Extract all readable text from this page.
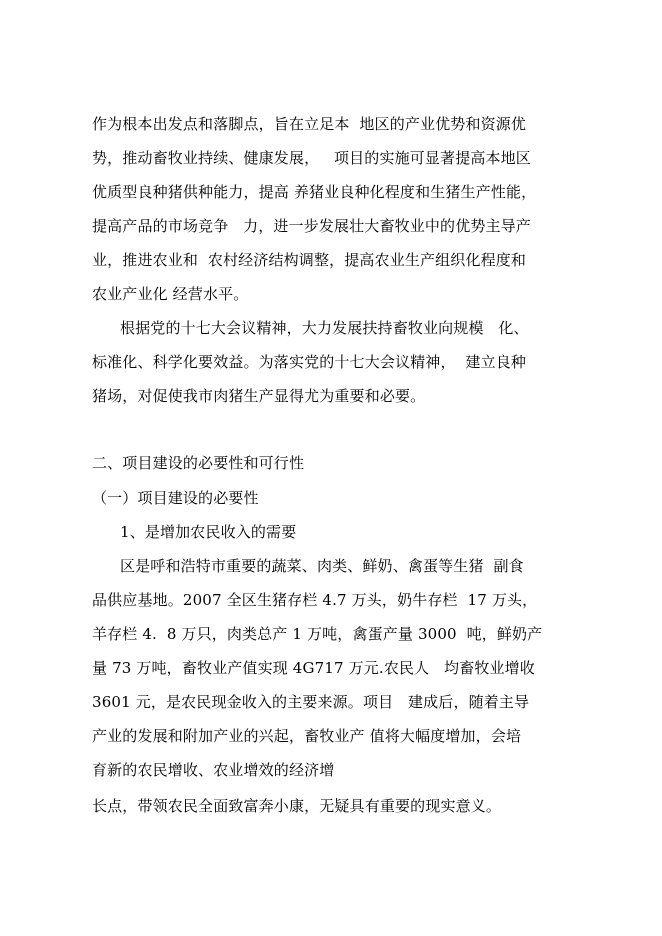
作为根本出发点和落脚点，旨在立足本  地区的产业优势和资源优
势，推动畜牧业持续、健康发展，   项目的实施可显著提高本地区
优质型良种猪供种能力，提高 养猪业良种化程度和生猪生产性能，
提高产品的市场竞争   力，进一步发展壮大畜牧业中的优势主导产
业，推进农业和  农村经济结构调整，提高农业生产组织化程度和
农业产业化 经营水平。
根据党的十七大会议精神，大力发展扶持畜牧业向规模   化、
标准化、科学化要效益。为落实党的十七大会议精神，  建立良种
猪场，对促使我市肉猪生产显得尤为重要和必要。
二、项目建设的必要性和可行性
（一）项目建设的必要性
1、是增加农民收入的需要
区是呼和浩特市重要的蔬菜、肉类、鲜奶、禽蛋等生猪  副食
品供应基地。2007 全区生猪存栏 4.7 万头，奶牛存栏  17 万头，
羊存栏 4.  8 万只，肉类总产 1 万吨，禽蛋产量 3000  吨，鲜奶产
量 73 万吨，畜牧业产值实现 4G717 万元.农民人   均畜牧业增收
3601 元，是农民现金收入的主要来源。项目   建成后，随着主导
产业的发展和附加产业的兴起，畜牧业产 值将大幅度增加，会培
育新的农民增收、农业增效的经济增
长点，带领农民全面致富奔小康，无疑具有重要的现实意义。
